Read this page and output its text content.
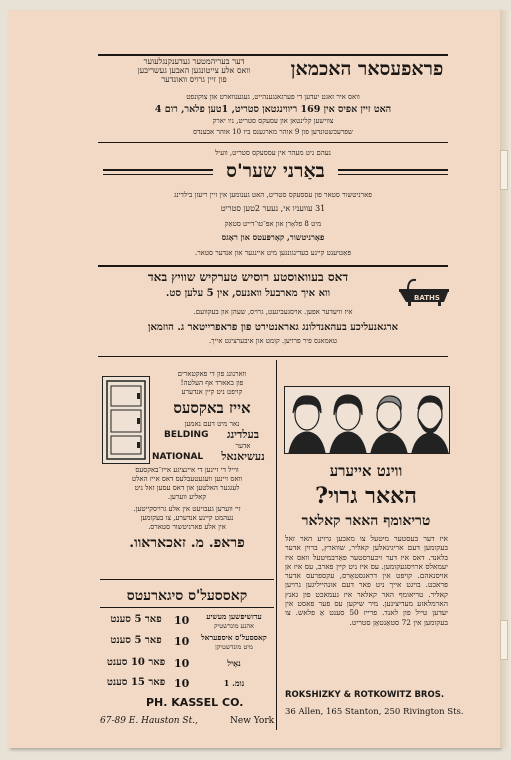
דער בעריהמטער געדענקנגלעוער
וואס אלע צייטונגען האבען געשריבען
פון זיין גרויס וואונדער	פראפעסאר האכמאן
וואס איר זאגט יעדען די פערגאנגענהייט, געגענווארט און צוקונפט
האט זיין אפיס אין 169 ריווינגטאן סטריט, 1טען פלאר, רום 4
צווישען קלינטאן און עסעקס סטריט, ניו יארק
שפרעכשטונדען פון 9 אוהר מארגענס ביז 10 אוהר אבענדס
נעהם ניט מעהר אין עססעקס סטריט, וועיל
באַרני שער'ס
פארניטשור סטאר פון עססעקס סטריט, האט גענומען אין זיין ריעזן בילדינג
31 עוועניו אי, נעער 2טען סטריט
מיט 8 פלאָרן און אפּ־טו־דייט סטאַק
פאַרניטשור, קאַרפּעטס און ראַגס
פּאַטיענט קיינע בעדינגונגען מיט איינגער און אנדער סטאר.
דאס בעוואוסטע רוסיש טערקיש שוויץ באד
ווא איך מארבעל וואנעס, אין 5 עלען סט.	BATHS
איז וויעדער אפען. אויסגעביגעט, גרויס, שעהן און בעקוועם.
ארגאנעליכע בעהאנדלונג גאראנטירט פון פראפרייטאר ג. הוזמאן
טאמאנס פיר פרויען. קומט און איבערציגט אייך.
ווארנונג פון די פאקטארים
פון באארד אף העלטה!
קויפט ניט קיין אנדערע
אייז באקסעס
נאר מיט דעם נאמען
BELDING	בעלדינג
אדער
NATIONAL	נעשיאנאל
ווייל די זיינען די איינציגע אייז־באקסעס
וואס זיינען וועגעטעבלעס דאס אייז האלט
לעגגער האלטען און דאס עסען זאל ניט
קאליע ווערען.
זיי ווערען געבויעט אין אלע גרויסקייטען.
נעהמט קיינע אנדערע, צו בעקומען
אין אלע פארניטשור סטארס.
פראפ. מ. זאכאראוו.
קאססעל'ס סיגארעטס
עדזשיפשען מעשיע
אהנע מונדשטיק
10
פאר 5 סענט
קאססעל'ס איספעראל
מיט מונדשטיקן
10
פאר 5 סענט
נאָיל
10
פאר 10 סענט
נומ. 1
10
פאר 15 סענט
PH. KASSEL CO.
67-89 E. Hauston St.,	New York
ווינט אייערע
האאר גרוי?
טריאומף האאר קאלאר
איז דער בעסטער מיטעל צו מאכען גרויע האר זאל בעקומען דעם אריגינאלען קאליר, שווארץ, ברוין אדער בלאנד. דאס איז דער זיכערסטער פאַרבמיטעל וואס איז יעמאלס ארויסגעקומען. עס איז ניט קיין פארב, עס איז אן אויסנאהם. קויפט אין דראגסטאָרס, עקספרעס אדער פראכט. בויגט אייך ניט פאר דעם אונהייליגען גרויען קאליר. טריאומף האר קאלאר איז געמאכט פון גאנץ הארמלאזע מעדיצינען. מיר שיקען עס פער פאסט אין יעדען טייל פון לאנד. פרייז 50 סענט אַ פלאש. צו בעקומען אין 72 סטאַנטאָן סטריט.
ROKSHIZKY & ROTKOWITZ BROS.
36 Allen, 165 Stanton, 250 Rivington Sts.
